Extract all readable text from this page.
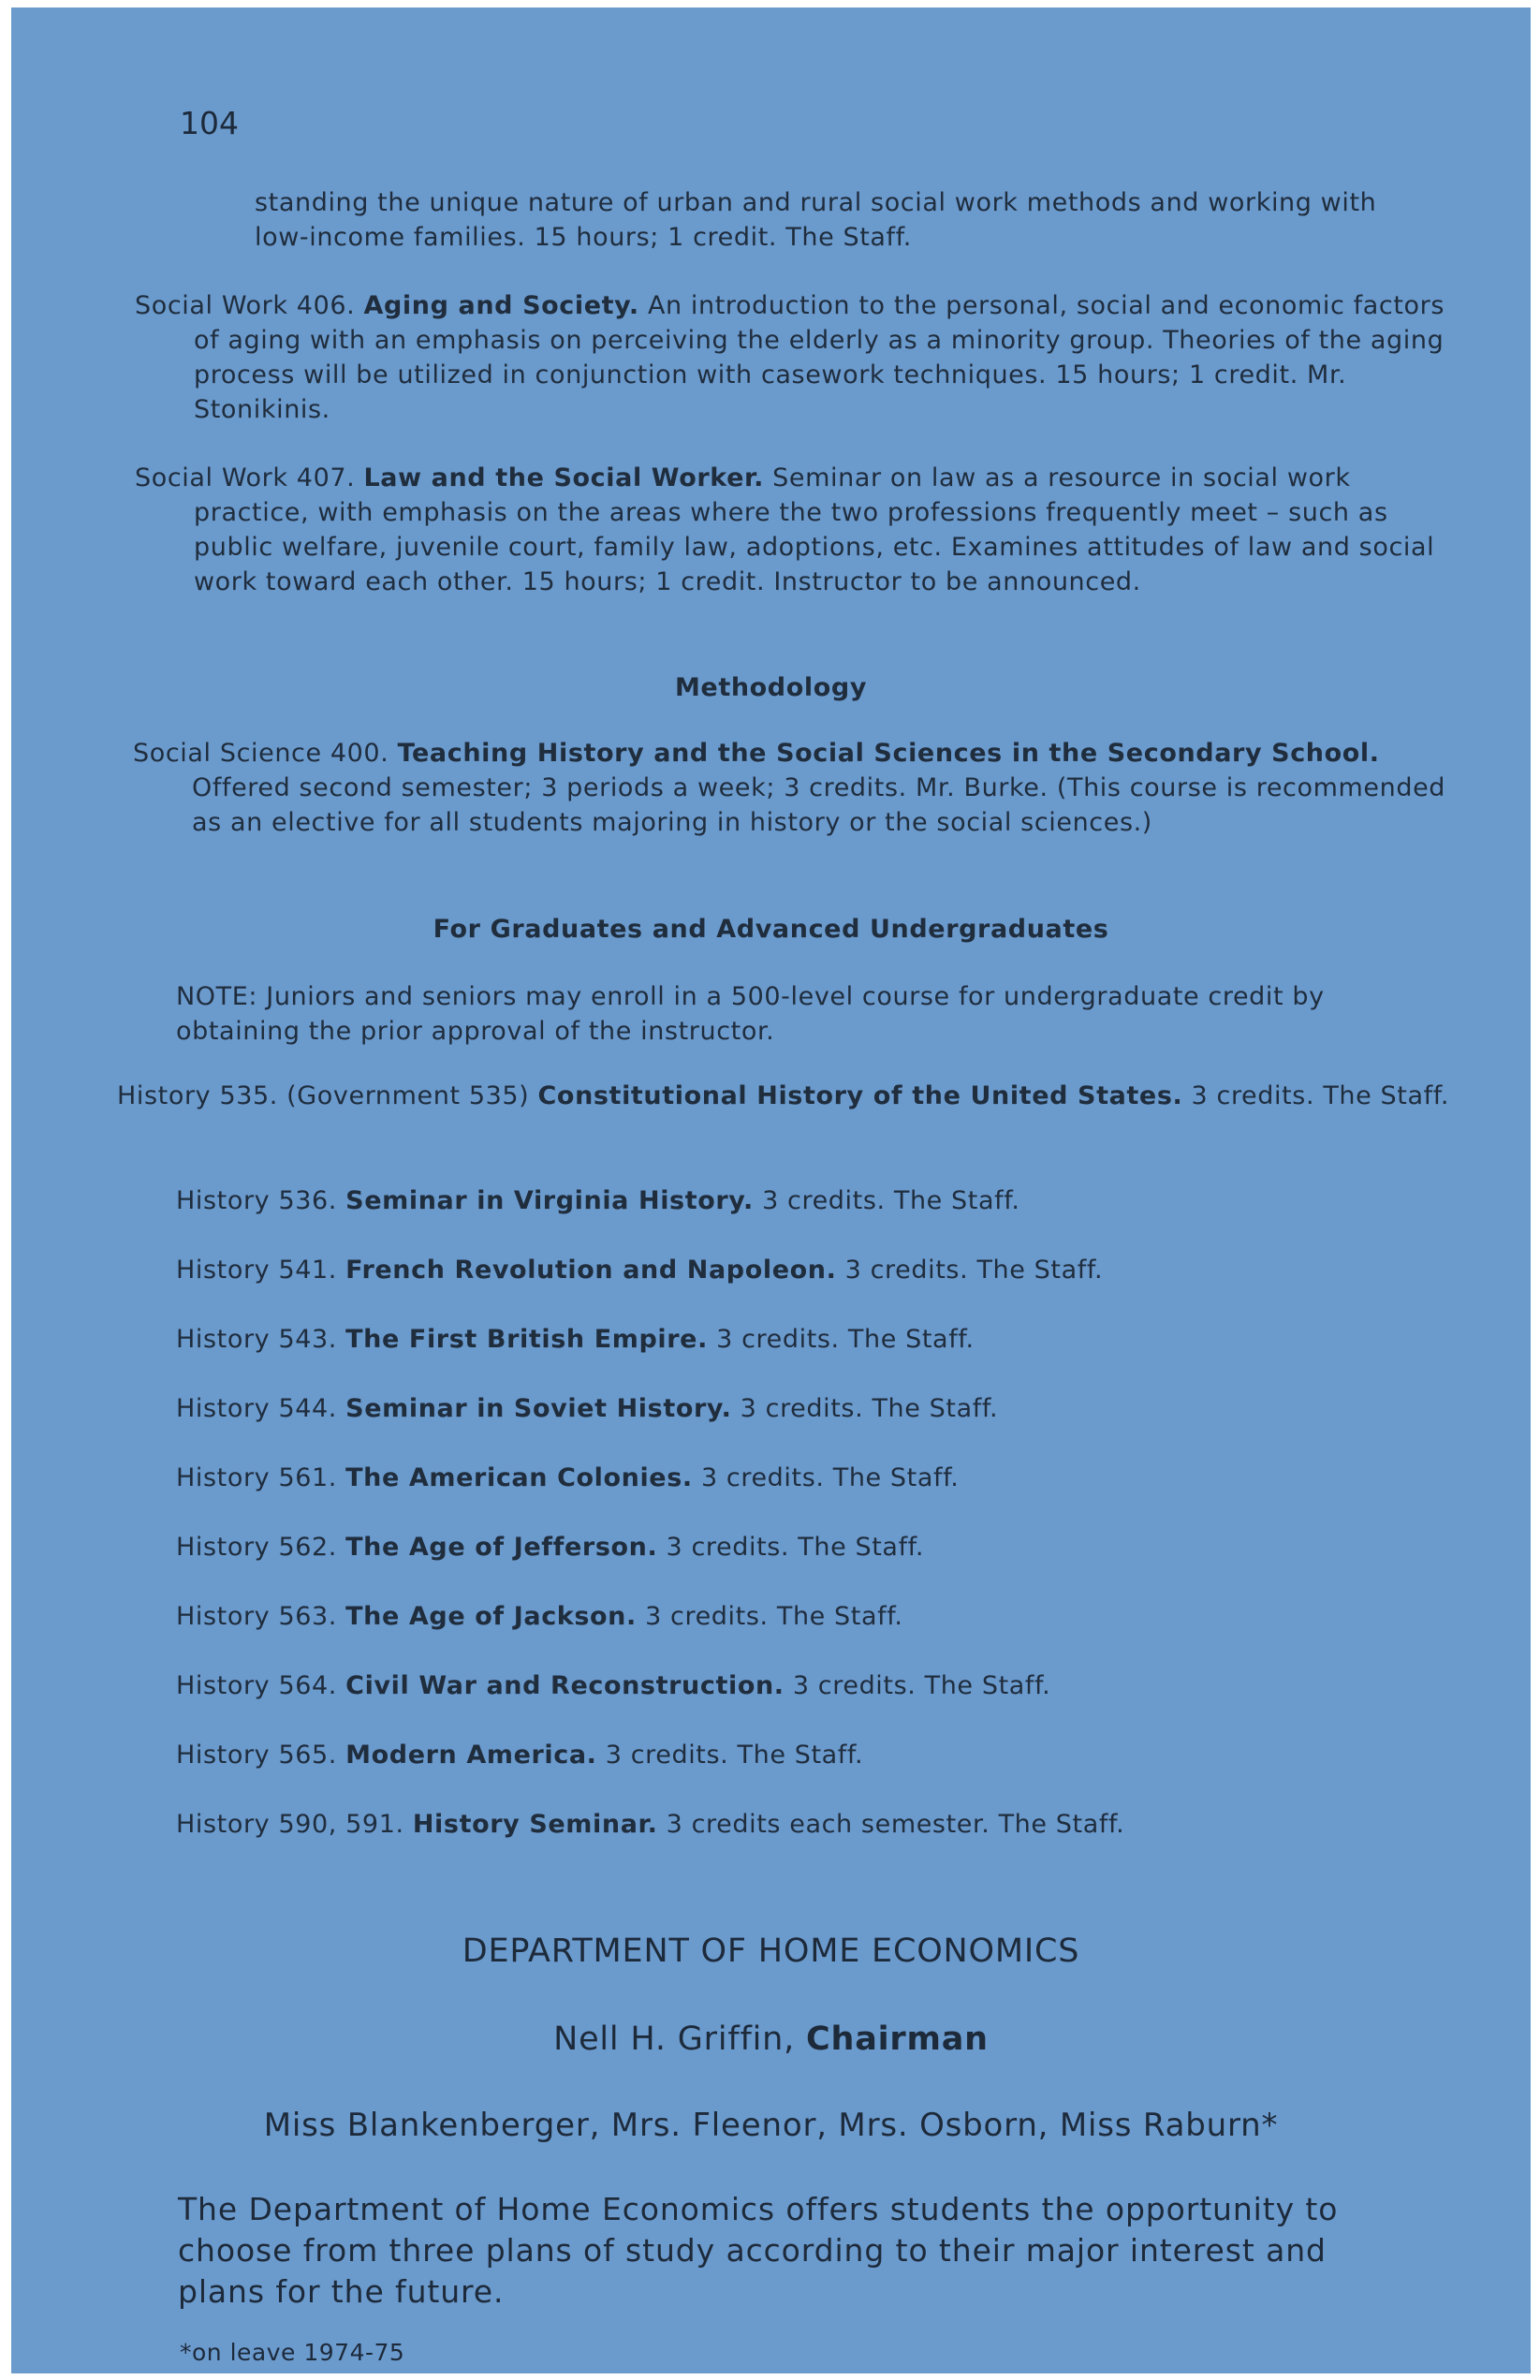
104
standing the unique nature of urban and rural social work methods and working with low-income families. 15 hours; 1 credit. The Staff.
Social Work 406. Aging and Society. An introduction to the personal, social and economic factors of aging with an emphasis on perceiving the elderly as a minority group. Theories of the aging process will be utilized in conjunction with casework techniques. 15 hours; 1 credit. Mr. Stonikinis.
Social Work 407. Law and the Social Worker. Seminar on law as a resource in social work practice, with emphasis on the areas where the two professions frequently meet – such as public welfare, juvenile court, family law, adoptions, etc. Examines attitudes of law and social work toward each other. 15 hours; 1 credit. Instructor to be announced.
Methodology
Social Science 400. Teaching History and the Social Sciences in the Secondary School. Offered second semester; 3 periods a week; 3 credits. Mr. Burke. (This course is recommended as an elective for all students majoring in history or the social sciences.)
For Graduates and Advanced Undergraduates
NOTE: Juniors and seniors may enroll in a 500-level course for undergraduate credit by obtaining the prior approval of the instructor.
History 535. (Government 535) Constitutional History of the United States. 3 credits. The Staff.
History 536. Seminar in Virginia History. 3 credits. The Staff.
History 541. French Revolution and Napoleon. 3 credits. The Staff.
History 543. The First British Empire. 3 credits. The Staff.
History 544. Seminar in Soviet History. 3 credits. The Staff.
History 561. The American Colonies. 3 credits. The Staff.
History 562. The Age of Jefferson. 3 credits. The Staff.
History 563. The Age of Jackson. 3 credits. The Staff.
History 564. Civil War and Reconstruction. 3 credits. The Staff.
History 565. Modern America. 3 credits. The Staff.
History 590, 591. History Seminar. 3 credits each semester. The Staff.
DEPARTMENT OF HOME ECONOMICS
Nell H. Griffin, Chairman
Miss Blankenberger, Mrs. Fleenor, Mrs. Osborn, Miss Raburn*
The Department of Home Economics offers students the opportunity to choose from three plans of study according to their major interest and plans for the future.
*on leave 1974-75
